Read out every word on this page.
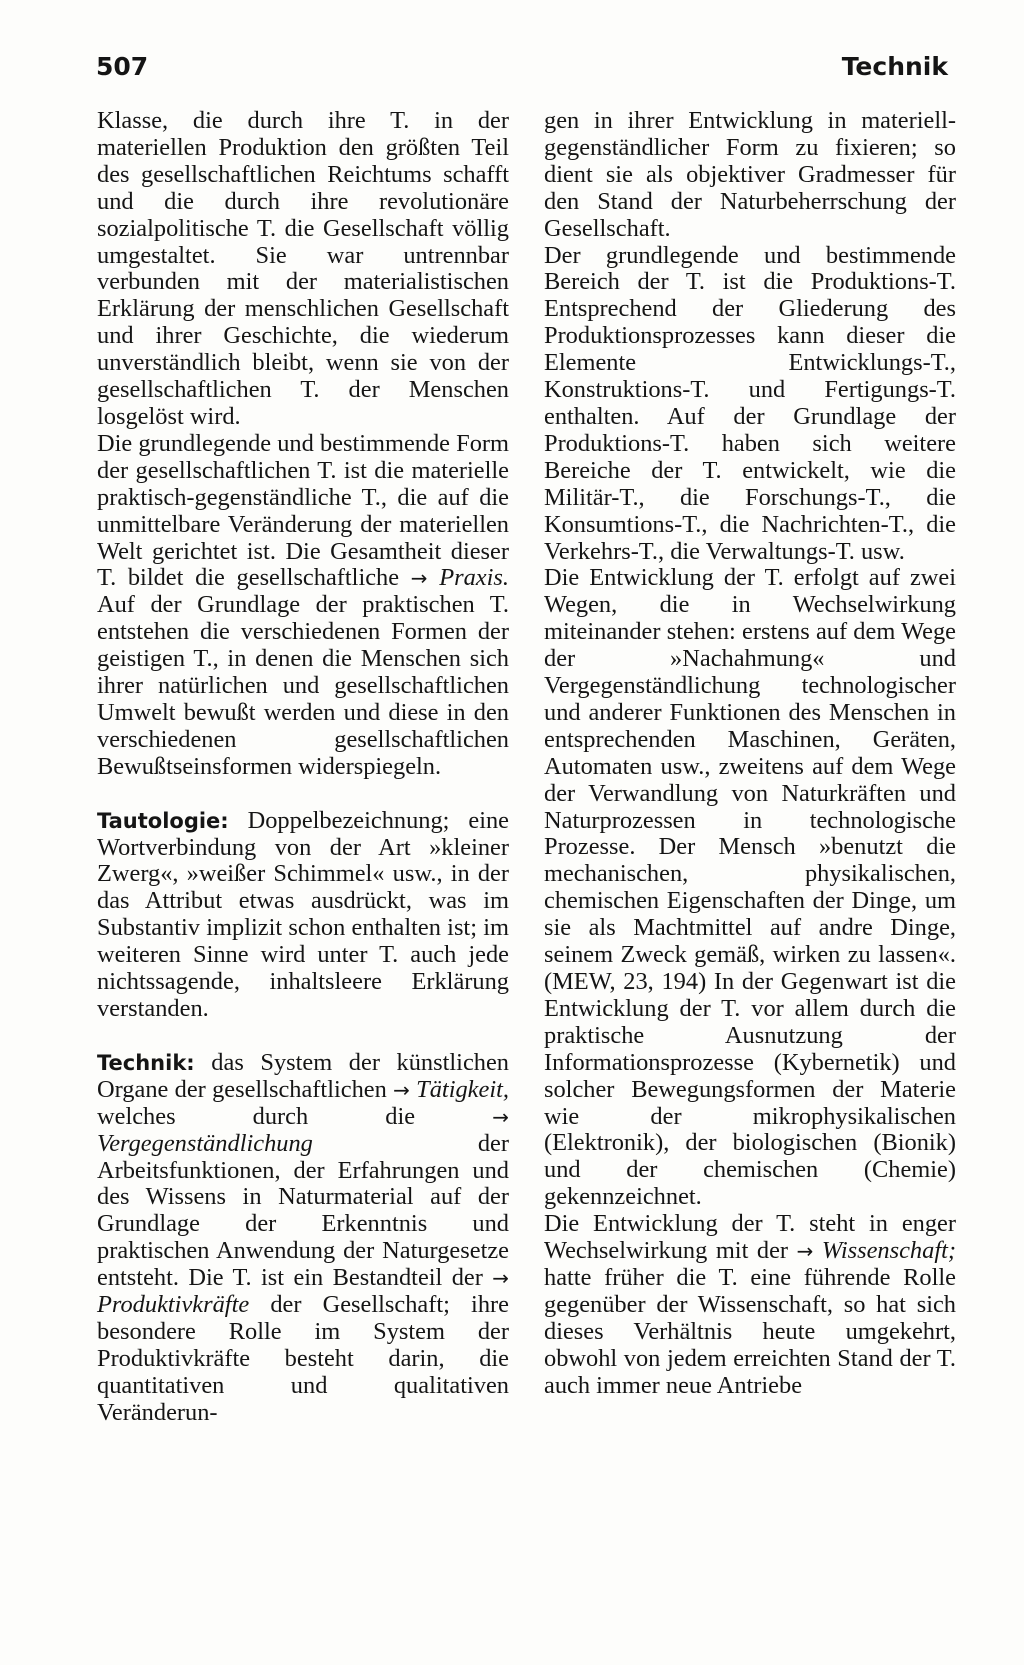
507	Technik

Klasse, die durch ihre T. in der materiellen Produktion den größten Teil des gesellschaftlichen Reichtums schafft und die durch ihre revolutionäre sozialpolitische T. die Gesellschaft völlig umgestaltet. Sie war untrennbar verbunden mit der materialistischen Erklärung der menschlichen Gesellschaft und ihrer Geschichte, die wiederum unverständlich bleibt, wenn sie von der gesellschaftlichen T. der Menschen losgelöst wird.

Die grundlegende und bestimmende Form der gesellschaftlichen T. ist die materielle praktisch-gegenständliche T., die auf die unmittelbare Veränderung der materiellen Welt gerichtet ist. Die Gesamtheit dieser T. bildet die gesellschaftliche → Praxis. Auf der Grundlage der praktischen T. entstehen die verschiedenen Formen der geistigen T., in denen die Menschen sich ihrer natürlichen und gesellschaftlichen Umwelt bewußt werden und diese in den verschiedenen gesellschaftlichen Bewußtseinsformen widerspiegeln.

Tautologie: Doppelbezeichnung; eine Wortverbindung von der Art »kleiner Zwerg«, »weißer Schimmel« usw., in der das Attribut etwas ausdrückt, was im Substantiv implizit schon enthalten ist; im weiteren Sinne wird unter T. auch jede nichtssagende, inhaltsleere Erklärung verstanden.

Technik: das System der künstlichen Organe der gesellschaftlichen → Tätigkeit, welches durch die	→ Vergegenständlichung	der Arbeitsfunktionen, der Erfahrungen und des Wissens in Naturmaterial auf der Grundlage der Erkenntnis und praktischen Anwendung der Naturgesetze entsteht. Die T. ist ein Bestandteil der → Produktivkräfte der Gesellschaft; ihre besondere Rolle im System der Produktivkräfte besteht darin, die quantitativen und qualitativen Veränderun-

gen in ihrer Entwicklung in materiell-gegenständlicher Form zu fixieren; so dient sie als objektiver Gradmesser für den Stand der Naturbeherrschung der Gesellschaft.

Der grundlegende und bestimmende Bereich der T. ist die Produktions-T. Entsprechend der Gliederung des Produktionsprozesses kann dieser die Elemente Entwicklungs-T., Konstruktions-T. und Fertigungs-T. enthalten. Auf der Grundlage der Produktions-T. haben sich weitere Bereiche der T. entwickelt, wie die Militär-T., die Forschungs-T., die Konsumtions-T., die Nachrichten-T., die Verkehrs-T., die Verwaltungs-T. usw.

Die Entwicklung der T. erfolgt auf zwei Wegen, die in Wechselwirkung miteinander stehen: erstens auf dem Wege der »Nachahmung« und Vergegenständlichung technologischer und anderer Funktionen des Menschen in entsprechenden Maschinen, Geräten, Automaten usw., zweitens auf dem Wege der Verwandlung von Naturkräften und Naturprozessen in technologische Prozesse. Der Mensch »benutzt die mechanischen, physikalischen, chemischen Eigenschaften der Dinge, um sie als Machtmittel auf andre Dinge, seinem Zweck gemäß, wirken zu lassen«. (MEW, 23, 194) In der Gegenwart ist die Entwicklung der T. vor allem durch die praktische Ausnutzung der Informationsprozesse (Kybernetik) und solcher Bewegungsformen der Materie wie der mikrophysikalischen (Elektronik), der biologischen (Bionik) und der chemischen (Chemie) gekennzeichnet.

Die Entwicklung der T. steht in enger Wechselwirkung mit der → Wissenschaft; hatte früher die T. eine führende Rolle gegenüber der Wissenschaft, so hat sich dieses Verhältnis heute umgekehrt, obwohl von jedem erreichten Stand der T. auch immer neue Antriebe
